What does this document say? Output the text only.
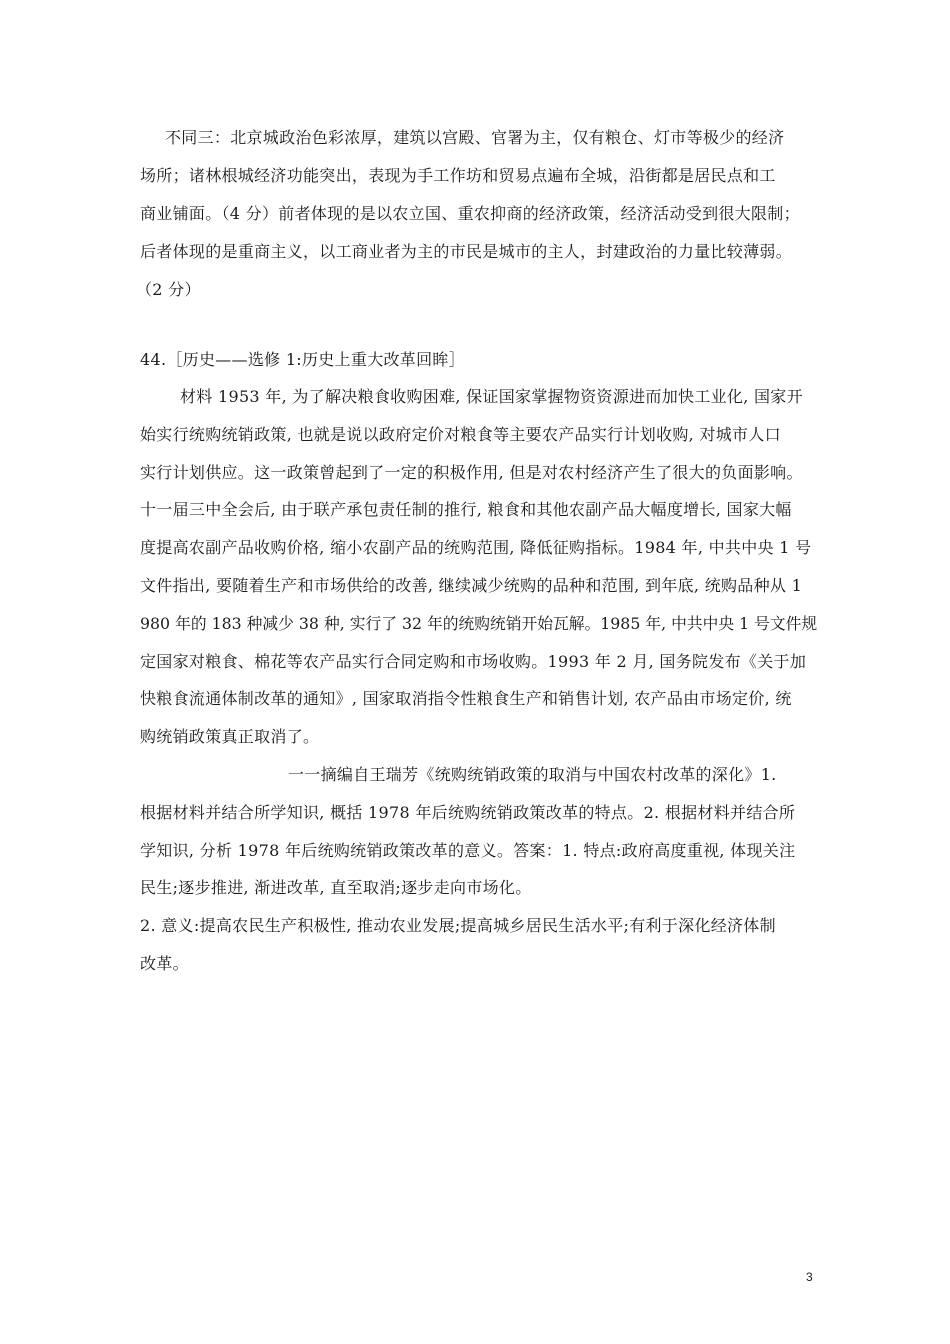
不同三：北京城政治色彩浓厚，建筑以宫殿、官署为主，仅有粮仓、灯市等极少的经济
场所；诸林根城经济功能突出，表现为手工作坊和贸易点遍布全城，沿街都是居民点和工
商业铺面。（4 分）前者体现的是以农立国、重农抑商的经济政策，经济活动受到很大限制；
后者体现的是重商主义，以工商业者为主的市民是城市的主人，封建政治的力量比较薄弱。
（2 分）
44.［历史——选修 1:历史上重大改革回眸］
材料 1953 年, 为了解决粮食收购困难, 保证国家掌握物资资源进而加快工业化, 国家开
始实行统购统销政策, 也就是说以政府定价对粮食等主要农产品实行计划收购, 对城市人口
实行计划供应。这一政策曾起到了一定的积极作用, 但是对农村经济产生了很大的负面影响。
十一届三中全会后, 由于联产承包责任制的推行, 粮食和其他农副产品大幅度增长, 国家大幅
度提高农副产品收购价格, 缩小农副产品的统购范围, 降低征购指标。1984 年, 中共中央 1 号
文件指出, 要随着生产和市场供给的改善, 继续减少统购的品种和范围, 到年底, 统购品种从 1
980 年的 183 种减少 38 种, 实行了 32 年的统购统销开始瓦解。1985 年, 中共中央 1 号文件规
定国家对粮食、棉花等农产品实行合同定购和市场收购。1993 年 2 月, 国务院发布《关于加
快粮食流通体制改革的通知》, 国家取消指令性粮食生产和销售计划, 农产品由市场定价, 统
购统销政策真正取消了。
一一摘编自王瑞芳《统购统销政策的取消与中国农村改革的深化》1.
根据材料并结合所学知识, 概括 1978 年后统购统销政策改革的特点。2. 根据材料并结合所
学知识, 分析 1978 年后统购统销政策改革的意义。答案：1. 特点:政府高度重视, 体现关注
民生;逐步推进, 渐进改革, 直至取消;逐步走向市场化。
2. 意义:提高农民生产积极性, 推动农业发展;提高城乡居民生活水平;有利于深化经济体制
改革。
3
